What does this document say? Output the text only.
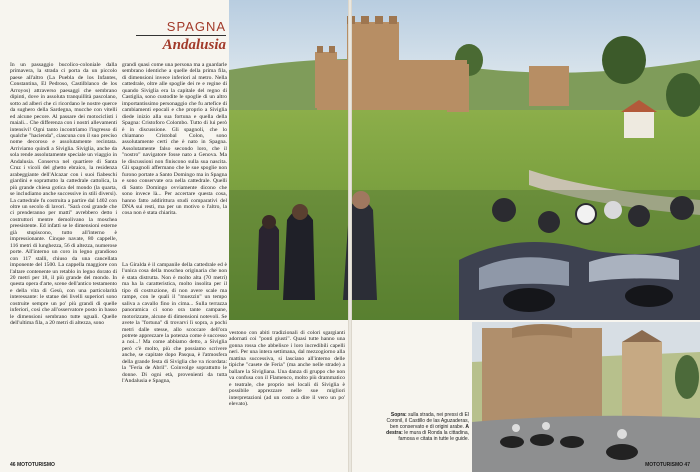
SPAGNA
Andalusia

In un passaggio bucolico-coloniale dalla primavera, la strada ci porta da un piccolo paese all'altro (La Puebla de los Infantes, Constantina, El Pedroso, Castilblanco de los Arroyos) attraverso paesaggi che sembrano dipinti, dove in assoluta tranquillità pascolano, sotto ad alberi che ci ricordano le nostre querce da sughero della Sardegna, mucche con vitelli ed alcune pecore. Al passare dei motociclisti i maiali... Che differenza con i nostri allevamenti intensivi! Ogni tanto incontriamo l'ingresso di qualche "hacienda", ciascuna con il suo preciso nome decoroso e assolutamente recintata. Arriviamo quindi a Siviglia. Siviglia, anche da sola rende assolutamente speciale un viaggio in Andalusia. Conserva nel quartiere di Santa Cruz i vicoli del ghetto ebraico, la residenza arabeggiante dell'Alcazar con i suoi fiabeschi giardini e soprattutto la cattedrale cattolica, la più grande chiesa gotica del mondo (la quarta, se includiamo anche successive in stili diversi). La cattedrale fu costruita a partire dal 1402 con oltre un secolo di lavori. "Sarà così grande che ci prenderanno per matti" avrebbero detto i costruttori mentre demolivano la moschea preesistente. Ed infatti se le dimensioni esterne già stupiscono, tutto all'interno è impressionante. Cinque navate, 80 cappelle, 116 metri di lunghezza, 56 di altezza, numerose porte. All'interno un coro in legno grandioso con 117 stalli, chiuso da una cancellata imponente del 1500. La cappella maggiore con l'altare contenente un retablo in legno dorato di 20 metri per 18, il più grande del mondo. In questa opera d'arte, scene dell'antico testamento e della vita di Gesù, con una particolarità interessante: le statue dei livelli superiori sono costruite sempre un po' più grandi di quelle inferiori, così che all'osservatore posto in basso le dimensioni sembrano tutte uguali. Quelle dell'ultima fila, a 20 metri di altezza, sono

grandi quasi come una persona ma a guardarle sembrano identiche a quelle della prima fila, di dimensioni invece inferiori al metro. Nella cattedrale, oltre alle spoglie dei re e regine di quando Siviglia era la capitale del regno di Castiglia, sono custodite le spoglie di un altro importantissimo personaggio che fu artefice di cambiamenti epocali e che proprio a Siviglia diede inizio alla sua fortuna e quella della Spagna: Cristoforo Colombo. Tutto di lui però è in discussione. Gli spagnoli, che lo chiamano Cristobal Colon, sono assolutamente certi che è nato in Spagna. Assolutamente falso secondo loro, che il "nostro" navigatore fosse nato a Genova. Ma le discussioni non finiscono sulla sua nascita. Gli spagnoli affermano che le sue spoglie non furono portate a Santo Domingo ma in Spagna e sono conservate ora nella cattedrale. Quelli di Santo Domingo ovviamente dicono che sono invece là... Per accertare questa cosa, hanno fatto addirittura studi comparativi del DNA sui resti, ma per un motivo o l'altro, la cosa non è stata chiarita.

La Giralda è il campanile della cattedrale ed è l'unica cosa della moschea originaria che non è stata distrutta. Non è molto alta (70 metri) ma ha la caratteristica, molto insolita per il tipo di costruzione, di non avere scale ma rampe, con le quali il "muezzin" un tempo saliva a cavallo fino in cima... Sulla terrazza panoramica ci sono ora tante campane, motorizzate, alcune di dimensioni notevoli. Se avete la "fortuna" di trovarvi lì sopra, a pochi metri dalle stesse, allo scoccare dell'ora potrete apprezzare la potenza come è successo a noi...! Ma come abbiamo detto, a Siviglia però c'è molto, più che possiamo scrivere anche, se capitate dopo Pasqua, è l'atmosfera della grande festa di Siviglia che va ricordata: la "Feria de Abril". Coinvolge soprattutto le donne. Di ogni età, provenienti da tutta l'Andalusia e Spagna,

vestono con abiti tradizionali di colori sgargianti adornati coi "ponti giusti". Quasi tutte hanno una gonna rossa che abbelisce i loro incredibili capelli neri. Per una intera settimana, dal mezzogiorno alla mattina successiva, si lasciano all'interno delle tipiche "casete de Feria" (ma anche nelle strade) a ballare la Sivigliana. Una danza di gruppo che non va confusa con il Flamenco, molto più drammatico e teatrale, che proprio nei locali di Siviglia è possibile apprezzare nelle sue migliori interpretazioni (ad un costo a dire il vero un po' elevato).

Sopra: sulla strada, nei pressi di El Coronil, il Castillo de las Aguzaderas, ben conservato e di origini arabe. A destra: le mura di Ronda la cittadina, famosa e citata in tutte le guide.
46 MOTOTURISMO	MOTOTURISMO 47
